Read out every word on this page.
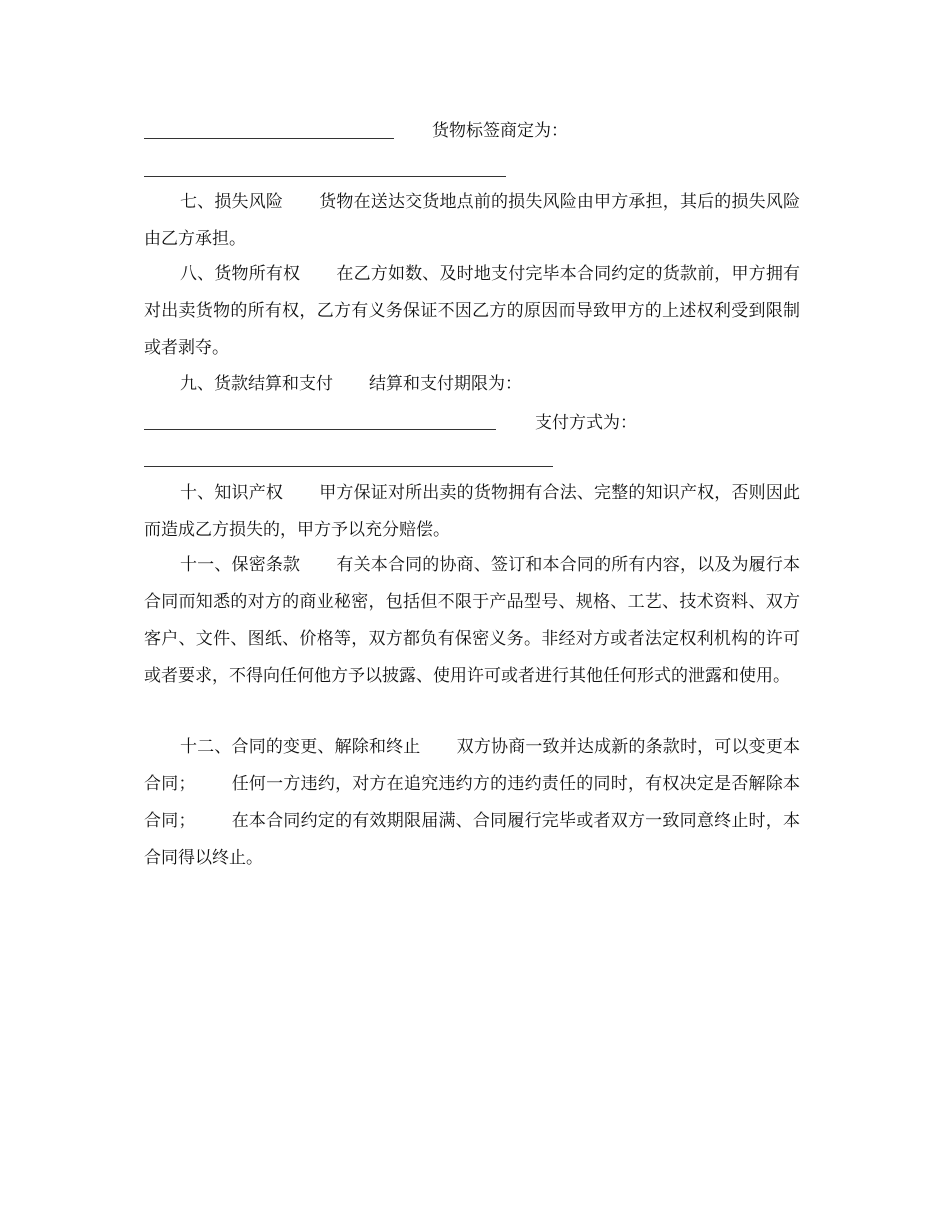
货物标签商定为：
七、损失风险 货物在送达交货地点前的损失风险由甲方承担，其后的损失风险由乙方承担。
八、货物所有权 在乙方如数、及时地支付完毕本合同约定的货款前，甲方拥有对出卖货物的所有权，乙方有义务保证不因乙方的原因而导致甲方的上述权利受到限制或者剥夺。
九、货款结算和支付 结算和支付期限为：
支付方式为：
十、知识产权 甲方保证对所出卖的货物拥有合法、完整的知识产权，否则因此而造成乙方损失的，甲方予以充分赔偿。
十一、保密条款 有关本合同的协商、签订和本合同的所有内容，以及为履行本合同而知悉的对方的商业秘密，包括但不限于产品型号、规格、工艺、技术资料、双方客户、文件、图纸、价格等，双方都负有保密义务。非经对方或者法定权利机构的许可或者要求，不得向任何他方予以披露、使用许可或者进行其他任何形式的泄露和使用。
十二、合同的变更、解除和终止 双方协商一致并达成新的条款时，可以变更本合同； 任何一方违约，对方在追究违约方的违约责任的同时，有权决定是否解除本合同； 在本合同约定的有效期限届满、合同履行完毕或者双方一致同意终止时，本合同得以终止。
